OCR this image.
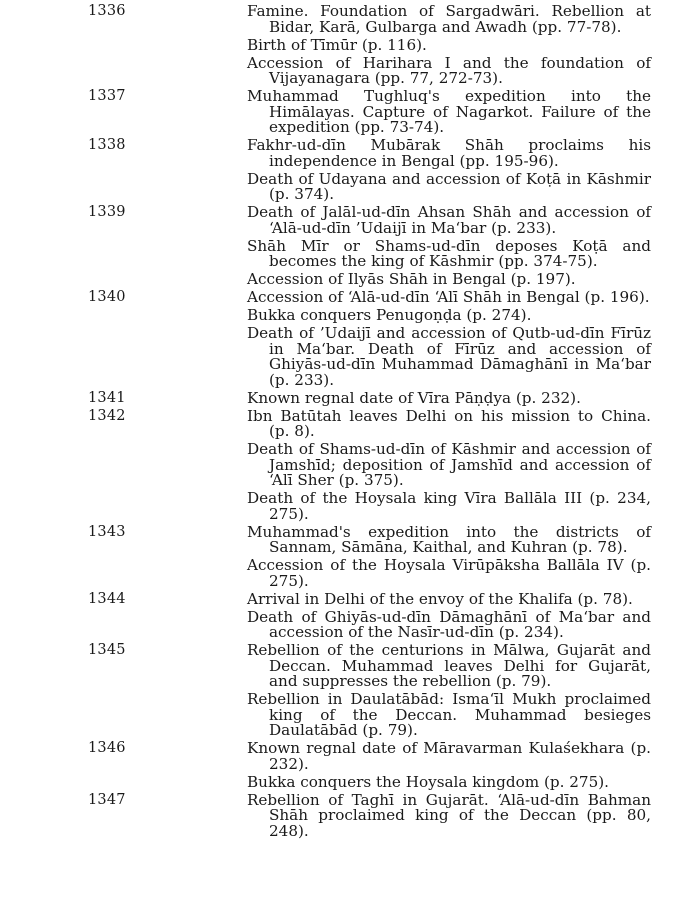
1336	Famine. Foundation of Sargadwāri. Rebellion at Bidar, Karā, Gulbarga and Awadh (pp. 77-78).
Birth of Tīmūr (p. 116).
Accession of Harihara I and the foundation of Vijayanagara (pp. 77, 272-73).
1337	Muhammad Tughluq's expedition into the Himālayas. Capture of Nagarkot. Failure of the expedition (pp. 73-74).
1338	Fakhr-ud-dīn Mubārak Shāh proclaims his independence in Bengal (pp. 195-96).
Death of Udayana and accession of Koṭā in Kāshmir (p. 374).
1339	Death of Jalāl-ud-dīn Ahsan Shāh and accession of ‘Alā-ud-dīn ’Udaijī in Ma‘bar (p. 233).
Shāh Mīr or Shams-ud-dīn deposes Koṭā and becomes the king of Kāshmir (pp. 374-75).
Accession of Ilyās Shāh in Bengal (p. 197).
1340	Accession of ‘Alā-ud-dīn ‘Alī Shāh in Bengal (p. 196).
Bukka conquers Penugoṇḍa (p. 274).
Death of ’Udaijī and accession of Qutb-ud-dīn Fīrūz in Ma‘bar. Death of Fīrūz and accession of Ghiyās-ud-dīn Muhammad Dāmaghānī in Ma‘bar (p. 233).
1341	Known regnal date of Vīra Pāṇḍya (p. 232).
1342	Ibn Batūtah leaves Delhi on his mission to China. (p. 8).
Death of Shams-ud-dīn of Kāshmir and accession of Jamshīd; deposition of Jamshīd and accession of ‘Alī Sher (p. 375).
Death of the Hoysala king Vīra Ballāla III (p. 234, 275).
1343	Muhammad's expedition into the districts of Sannam, Sāmāna, Kaithal, and Kuhran (p. 78).
Accession of the Hoysala Virūpāksha Ballāla IV (p. 275).
1344	Arrival in Delhi of the envoy of the Khalifa (p. 78).
Death of Ghiyās-ud-dīn Dāmaghānī of Ma‘bar and accession of the Nasīr-ud-dīn (p. 234).
1345	Rebellion of the centurions in Mālwa, Gujarāt and Deccan. Muhammad leaves Delhi for Gujarāt, and suppresses the rebellion (p. 79).
Rebellion in Daulatābād: Isma‘īl Mukh proclaimed king of the Deccan. Muhammad besieges Daulatābād (p. 79).
1346	Known regnal date of Māravarman Kulaśekhara (p. 232).
Bukka conquers the Hoysala kingdom (p. 275).
1347	Rebellion of Taghī in Gujarāt. ‘Alā-ud-dīn Bahman Shāh proclaimed king of the Deccan (pp. 80, 248).
